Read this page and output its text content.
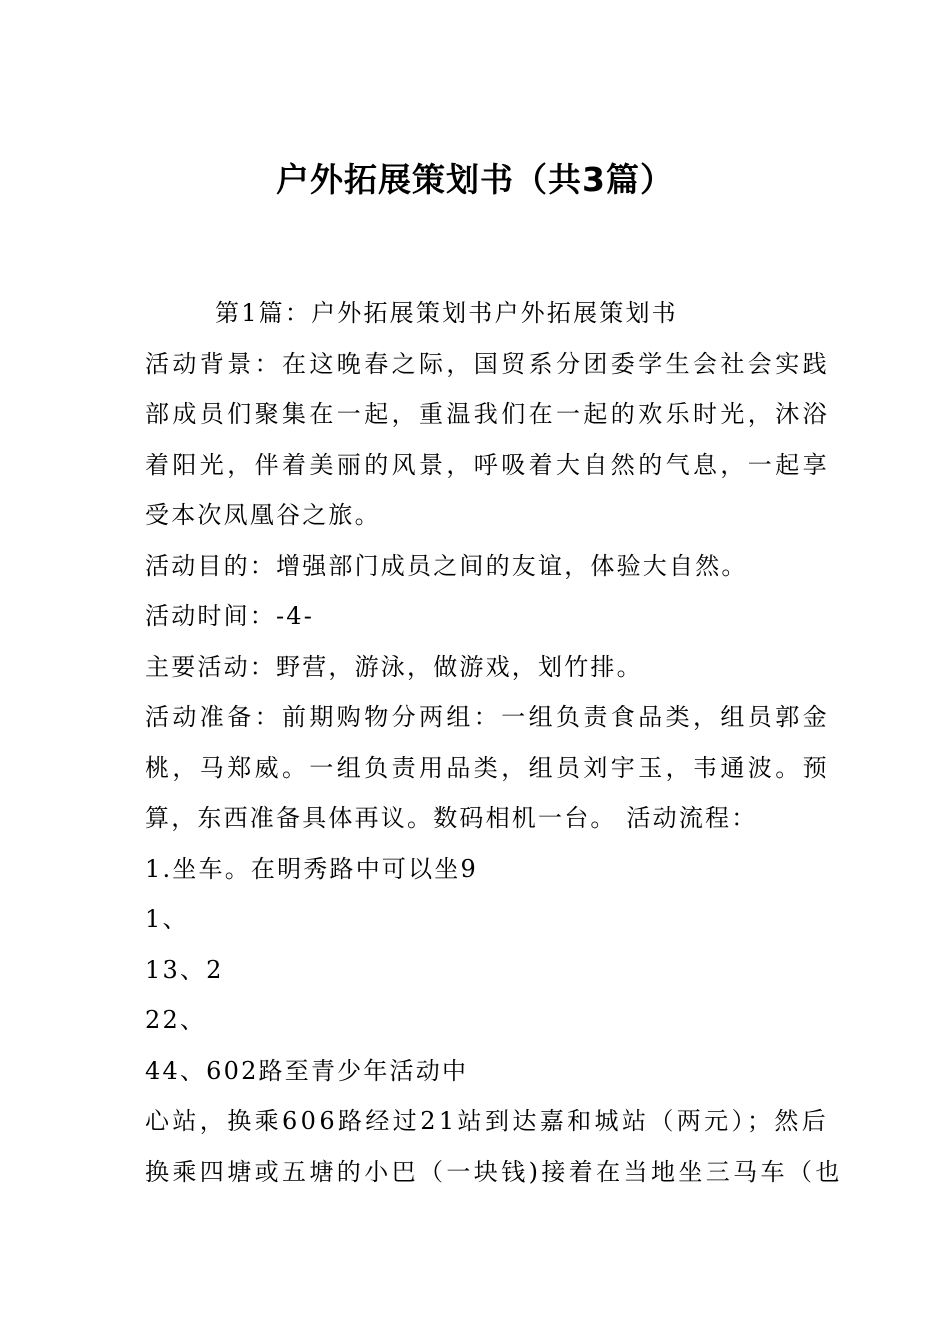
户外拓展策划书（共3篇）
第1篇：户外拓展策划书户外拓展策划书
活动背景：在这晚春之际，国贸系分团委学生会社会实践
部成员们聚集在一起，重温我们在一起的欢乐时光，沐浴
着阳光，伴着美丽的风景，呼吸着大自然的气息，一起享
受本次凤凰谷之旅。
活动目的：增强部门成员之间的友谊，体验大自然。
活动时间：-4-
主要活动：野营，游泳，做游戏，划竹排。
活动准备：前期购物分两组：一组负责食品类，组员郭金
桃，马郑威。一组负责用品类，组员刘宇玉，韦通波。预
算，东西准备具体再议。数码相机一台。 活动流程：
1.坐车。在明秀路中可以坐9
1、
13、2
22、
44、602路至青少年活动中
心站，换乘606路经过21站到达嘉和城站（两元）；然后
换乘四塘或五塘的小巴（一块钱)接着在当地坐三马车（也
